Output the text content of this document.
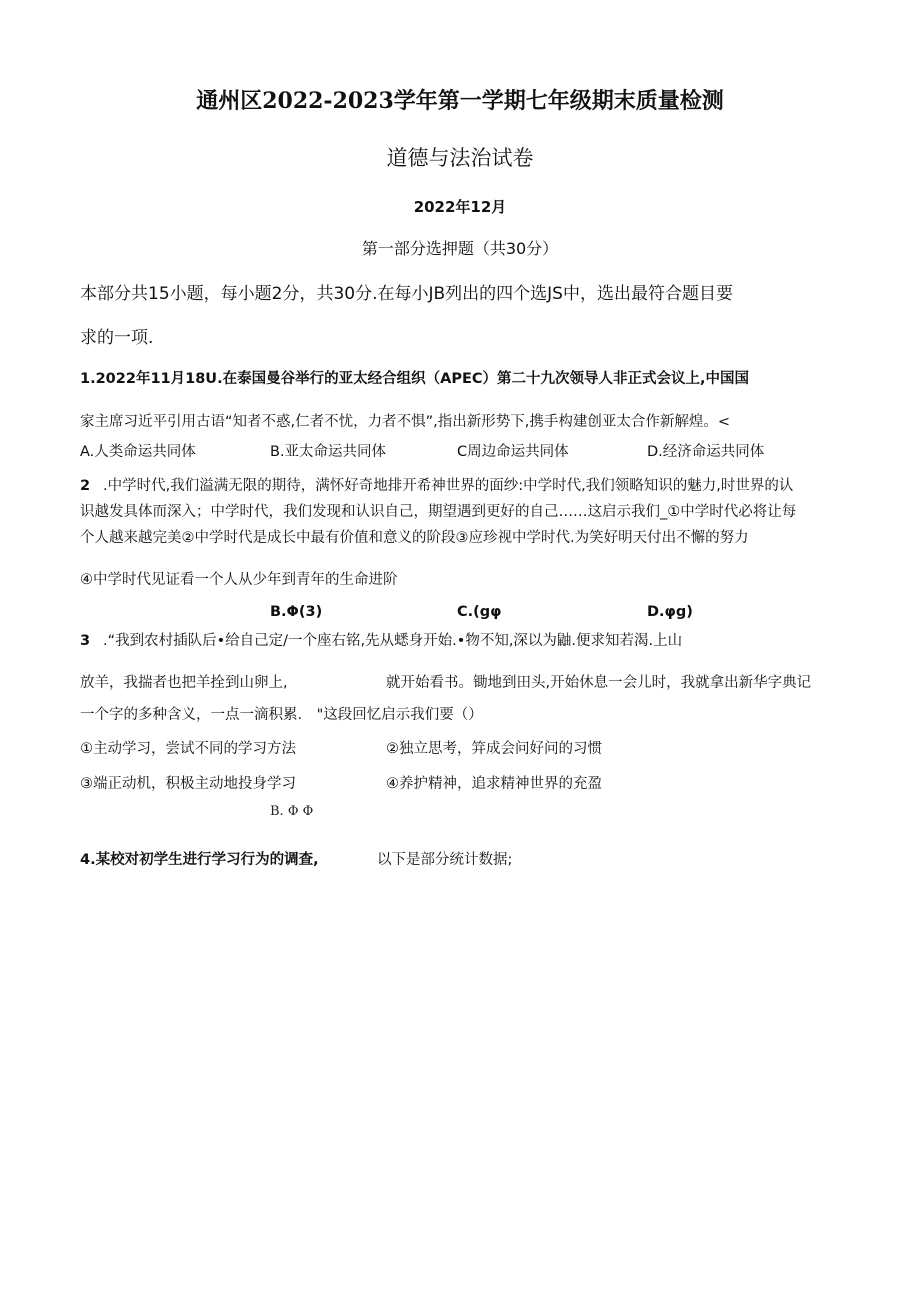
通州区2022-2023学年第一学期七年级期末质量检测
道德与法治试卷
2022年12月
第一部分选押题（共30分）
本部分共15小题，每小题2分，共30分.在每小JB列出的四个选JS中，选出最符合题目要
求的一项.
1.2022年11月18U.在泰国曼谷举行的亚太经合组织（APEC）第二十九次领导人非正式会议上,中国国
家主席习近平引用古语“知者不惑,仁者不忧，力者不惧”,指出新形势下,携手构建创亚太合作新解煌。<
A.人类命运共同体	B.亚太命运共同体	C周边命运共同体	D.经济命运共同体
2 .中学时代,我们溢满无限的期待，满怀好奇地排开希神世界的面纱:中学时代,我们领略知识的魅力,时世界的认
识越发具体而深入；中学时代，我们发现和认识自己，期望遇到更好的自己……这启示我们_①中学时代必将让每
个人越来越完美②中学时代是成长中最有价值和意义的阶段③应珍视中学时代.为笑好明天付出不懈的努力
④中学时代见证看一个人从少年到青年的生命进阶
B.Φ(3)	C.(gφ	D.φg)
3 .“我到农村插队后•给自己定/一个座右铭,先从蟋身开始.•物不知,深以为鼬.便求知若渴.上山
放羊，我揣者也把羊拴到山卵上,	就开始看书。锄地到田头,开始休息一会儿时，我就拿出新华字典记
一个字的多种含义，一点一滴积累.　"这段回忆启示我们要（）
①主动学习，尝试不同的学习方法	②独立思考，笄成会问好问的习惯
③端正动机，积极主动地投身学习	④养护精神，追求精神世界的充盈
B. Φ Φ
4.某校对初学生进行学习行为的调查,	以下是部分统计数据;
